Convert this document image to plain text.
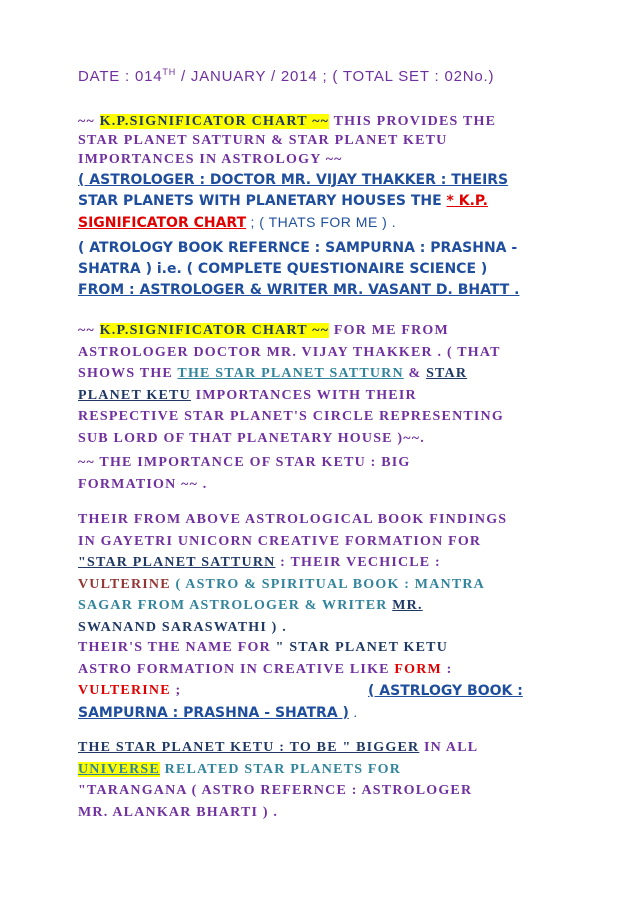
DATE : 014TH / JANUARY / 2014 ; ( TOTAL SET : 02No.)
~~ K.P.SIGNIFICATOR CHART ~~ THIS PROVIDES THE
STAR PLANET SATTURN & STAR PLANET KETU
IMPORTANCES IN ASTROLOGY ~~
( ASTROLOGER : DOCTOR MR. VIJAY THAKKER : THEIRS
STAR PLANETS WITH PLANETARY HOUSES THE * K.P.
SIGNIFICATOR CHART ; ( THATS FOR ME ) .
( ATROLOGY BOOK REFERNCE : SAMPURNA : PRASHNA -
SHATRA ) i.e. ( COMPLETE QUESTIONAIRE SCIENCE )
FROM : ASTROLOGER & WRITER MR. VASANT D. BHATT .
~~ K.P.SIGNIFICATOR CHART ~~ FOR ME FROM
ASTROLOGER DOCTOR MR. VIJAY THAKKER . ( THAT
SHOWS THE THE STAR PLANET SATTURN & STAR
PLANET KETU IMPORTANCES WITH THEIR
RESPECTIVE STAR PLANET'S CIRCLE REPRESENTING
SUB LORD OF THAT PLANETARY HOUSE )~~.
~~ THE IMPORTANCE OF STAR KETU : BIG
FORMATION ~~ .
THEIR FROM ABOVE ASTROLOGICAL BOOK FINDINGS
IN GAYETRI UNICORN CREATIVE FORMATION FOR
"STAR PLANET SATTURN : THEIR VECHICLE :
VULTERINE ( ASTRO & SPIRITUAL BOOK : MANTRA
SAGAR FROM ASTROLOGER & WRITER MR.
SWANAND SARASWATHI ) .
THEIR'S THE NAME FOR " STAR PLANET KETU
ASTRO FORMATION IN CREATIVE LIKE FORM :
VULTERINE ;	( ASTRLOGY BOOK :
SAMPURNA : PRASHNA - SHATRA ) .
THE STAR PLANET KETU : TO BE " BIGGER IN ALL
UNIVERSE RELATED STAR PLANETS FOR
"TARANGANA ( ASTRO REFERNCE : ASTROLOGER
MR. ALANKAR BHARTI ) .
